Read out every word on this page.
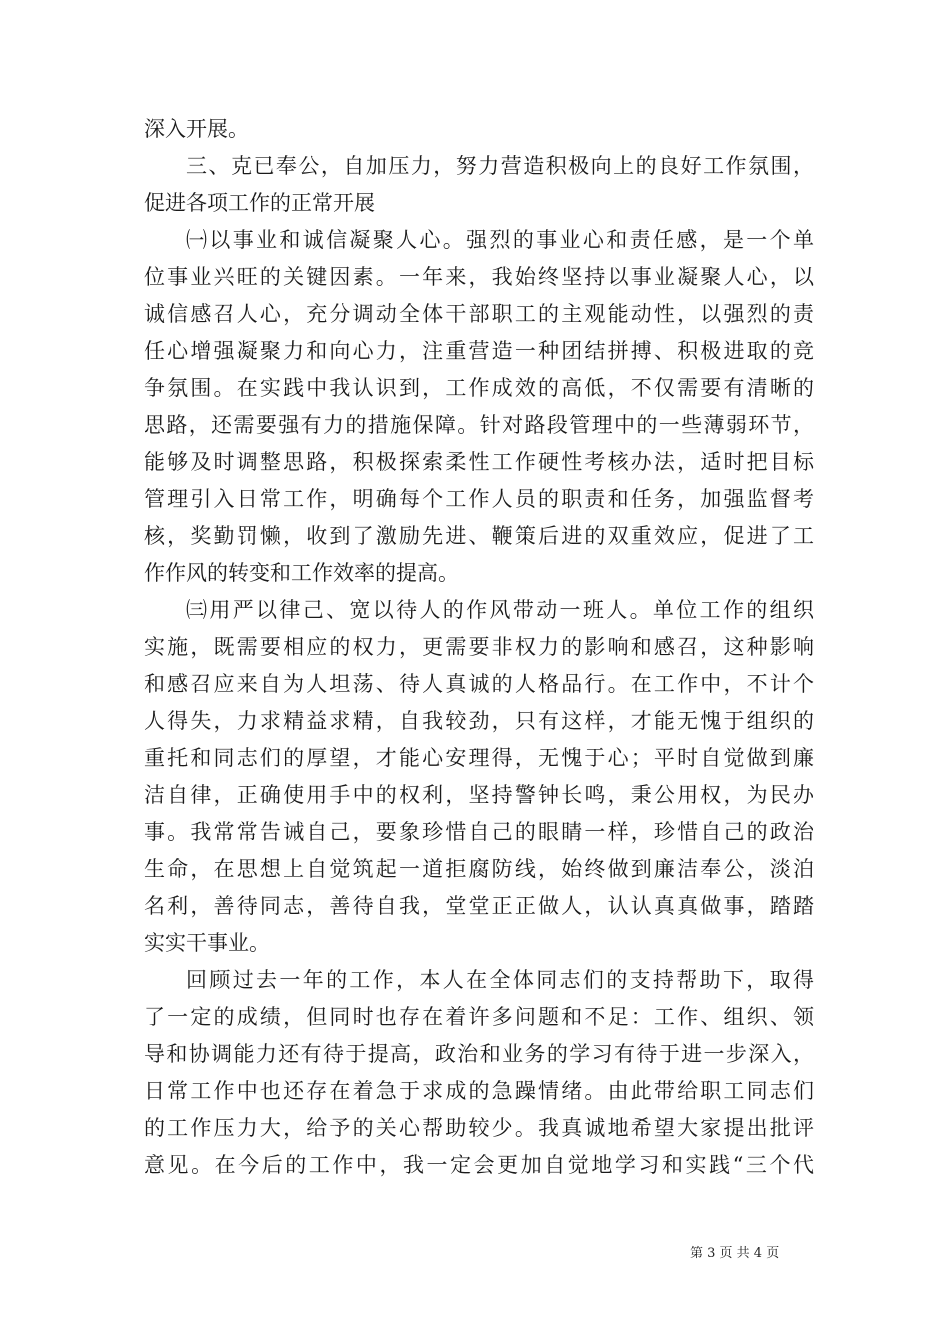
深入开展。
三、克已奉公，自加压力，努力营造积极向上的良好工作氛围，
促进各项工作的正常开展
㈠以事业和诚信凝聚人心。强烈的事业心和责任感，是一个单
位事业兴旺的关键因素。一年来，我始终坚持以事业凝聚人心，以
诚信感召人心，充分调动全体干部职工的主观能动性，以强烈的责
任心增强凝聚力和向心力，注重营造一种团结拼搏、积极进取的竞
争氛围。在实践中我认识到，工作成效的高低，不仅需要有清晰的
思路，还需要强有力的措施保障。针对路段管理中的一些薄弱环节，
能够及时调整思路，积极探索柔性工作硬性考核办法，适时把目标
管理引入日常工作，明确每个工作人员的职责和任务，加强监督考
核，奖勤罚懒，收到了激励先进、鞭策后进的双重效应，促进了工
作作风的转变和工作效率的提高。
㈢用严以律己、宽以待人的作风带动一班人。单位工作的组织
实施，既需要相应的权力，更需要非权力的影响和感召，这种影响
和感召应来自为人坦荡、待人真诚的人格品行。在工作中，不计个
人得失，力求精益求精，自我较劲，只有这样，才能无愧于组织的
重托和同志们的厚望，才能心安理得，无愧于心；平时自觉做到廉
洁自律，正确使用手中的权利，坚持警钟长鸣，秉公用权，为民办
事。我常常告诫自己，要象珍惜自己的眼睛一样，珍惜自己的政治
生命，在思想上自觉筑起一道拒腐防线，始终做到廉洁奉公，淡泊
名利，善待同志，善待自我，堂堂正正做人，认认真真做事，踏踏
实实干事业。
回顾过去一年的工作，本人在全体同志们的支持帮助下，取得
了一定的成绩，但同时也存在着许多问题和不足：工作、组织、领
导和协调能力还有待于提高，政治和业务的学习有待于进一步深入，
日常工作中也还存在着急于求成的急躁情绪。由此带给职工同志们
的工作压力大，给予的关心帮助较少。我真诚地希望大家提出批评
意见。在今后的工作中，我一定会更加自觉地学习和实践“三个代
第 3 页 共 4 页
